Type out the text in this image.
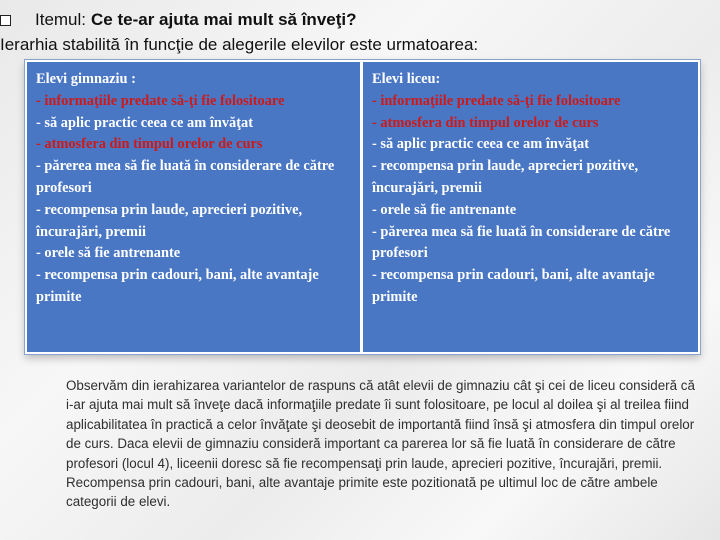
Itemul: Ce te-ar ajuta mai mult să înveţi?
Ierarhia stabilită în funcţie de alegerile elevilor este urmatoarea:
Elevi gimnaziu :
- informaţiile predate să-ţi fie folositoare
- să aplic practic ceea ce am învăţat
- atmosfera din timpul orelor de curs
- părerea mea să fie luată în considerare de către profesori
- recompensa prin laude, aprecieri pozitive, încurajări, premii
- orele să fie antrenante
- recompensa prin cadouri, bani, alte avantaje primite
Elevi liceu:
- informaţiile predate să-ţi fie folositoare
- atmosfera din timpul orelor de curs
- să aplic practic ceea ce am învăţat
- recompensa prin laude, aprecieri pozitive, încurajări, premii
- orele să fie antrenante
- părerea mea să fie luată în considerare de către profesori
- recompensa prin cadouri, bani, alte avantaje primite
Observăm din ierahizarea variantelor de raspuns că atât elevii de gimnaziu cât şi cei de liceu consideră că i-ar ajuta mai mult să înveţe dacă informaţiile predate îi sunt folositoare, pe locul al doilea şi al treilea fiind aplicabilitatea în practică a celor învăţate şi deosebit de importantă fiind însă şi atmosfera din timpul orelor de curs. Daca elevii de gimnaziu consideră important ca parerea lor să fie luată în considerare de către profesori (locul 4), liceenii doresc să fie recompensaţi prin laude, aprecieri pozitive, încurajări, premii. Recompensa prin cadouri, bani, alte avantaje primite este pozitionată pe ultimul loc de către ambele categorii de elevi.
